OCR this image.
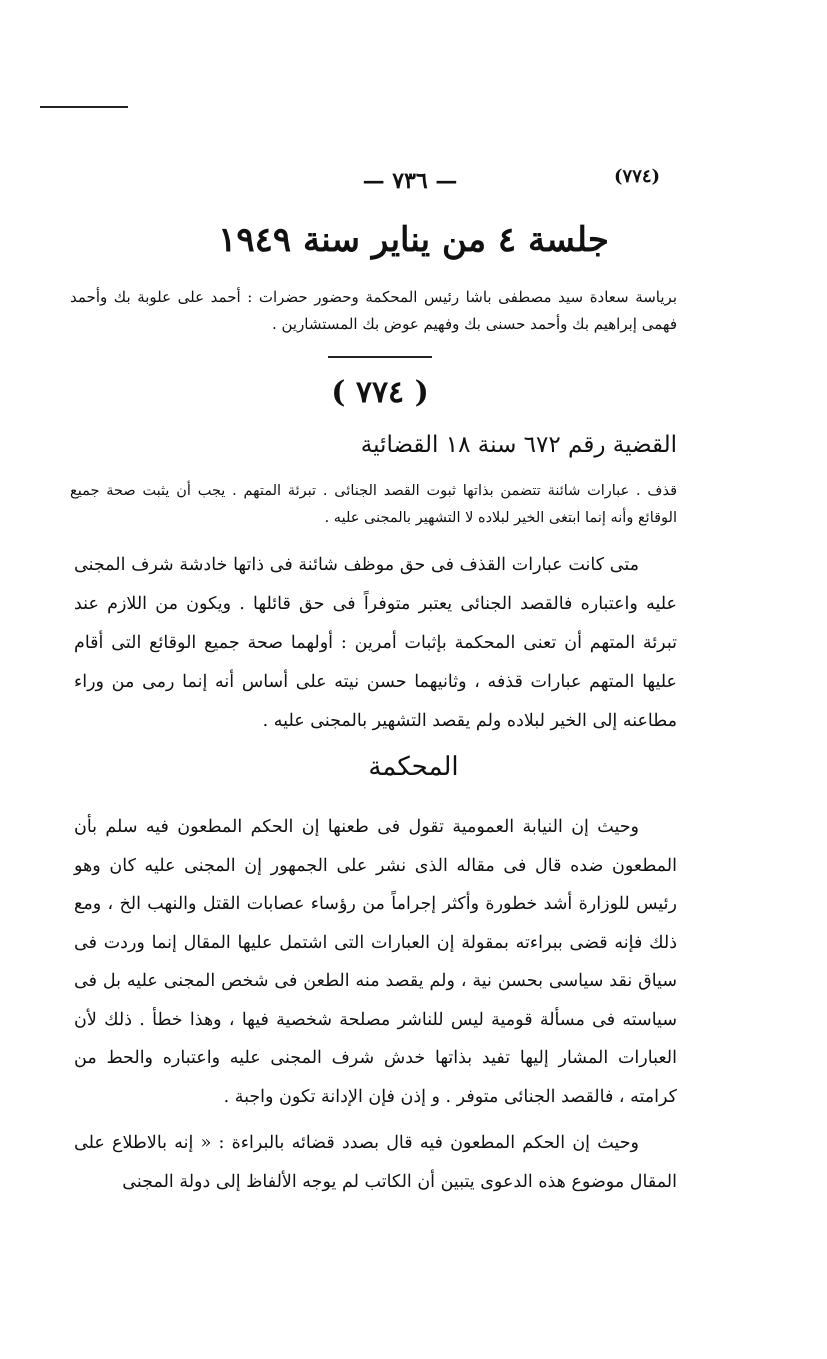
— ٧٣٦ —	(٧٧٤)
جلسة ٤ من يناير سنة ١٩٤٩
برياسة سعادة سيد مصطفى باشا رئيس المحكمة وحضور حضرات : أحمد على علوبة بك وأحمد فهمى إبراهيم بك وأحمد حسنى بك وفهيم عوض بك المستشارين .
( ٧٧٤ )
القضية رقم ٦٧٢ سنة ١٨ القضائية
قذف . عبارات شائنة تتضمن بذاتها ثبوت القصد الجنائى . تبرئة المتهم . يجب أن يثبت صحة جميع الوقائع وأنه إنما ابتغى الخير لبلاده لا التشهير بالمجنى عليه .
متى كانت عبارات القذف فى حق موظف شائنة فى ذاتها خادشة شرف المجنى عليه واعتباره فالقصد الجنائى يعتبر متوفراً فى حق قائلها . ويكون من اللازم عند تبرئة المتهم أن تعنى المحكمة بإثبات أمرين : أولهما صحة جميع الوقائع التى أقام عليها المتهم عبارات قذفه ، وثانيهما حسن نيته على أساس أنه إنما رمى من وراء مطاعنه إلى الخير لبلاده ولم يقصد التشهير بالمجنى عليه .
المحكمة

وحيث إن النيابة العمومية تقول فى طعنها إن الحكم المطعون فيه سلم بأن المطعون ضده قال فى مقاله الذى نشر على الجمهور إن المجنى عليه كان وهو رئيس للوزارة أشد خطورة وأكثر إجراماً من رؤساء عصابات القتل والنهب الخ ، ومع ذلك فإنه قضى ببراءته بمقولة إن العبارات التى اشتمل عليها المقال إنما وردت فى سياق نقد سياسى بحسن نية ، ولم يقصد منه الطعن فى شخص المجنى عليه بل فى سياسته فى مسألة قومية ليس للناشر مصلحة شخصية فيها ، وهذا خطأ . ذلك لأن العبارات المشار إليها تفيد بذاتها خدش شرف المجنى عليه واعتباره والحط من كرامته ، فالقصد الجنائى متوفر . و إذن فإن الإدانة تكون واجبة .

وحيث إن الحكم المطعون فيه قال بصدد قضائه بالبراءة : « إنه بالاطلاع على المقال موضوع هذه الدعوى يتبين أن الكاتب لم يوجه الألفاظ إلى دولة المجنى
